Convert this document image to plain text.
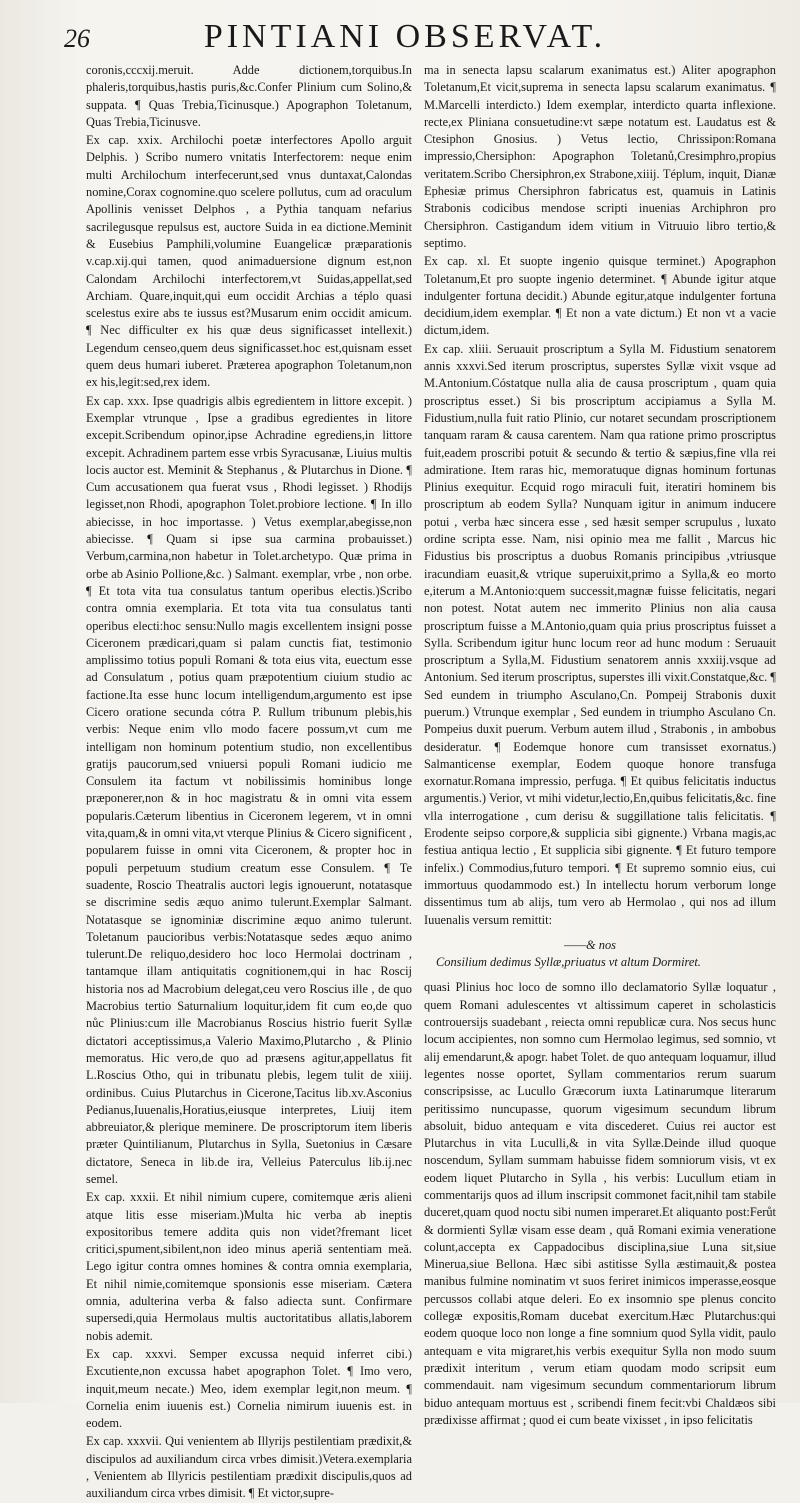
26	PINTIANI OBSERVAT.

coronis,cccxij.meruit. Adde dictionem,torquibus.In phaleris,torquibus,hastis puris,&c.Confer Plinium cum Solino,& suppata. ¶ Quas Trebia,Ticinusque.) Apographon Toletanum, Quas Trebia,Ticinusve.

Ex cap. xxix. Archilochi poetæ interfectores Apollo arguit Delphis. ) Scribo numero vnitatis Interfectorem: neque enim multi Archilochum interfecerunt,sed vnus duntaxat,Calondas nomine,Corax cognomine.quo scelere pollutus, cum ad oraculum Apollinis venisset Delphos , a Pythia tanquam nefarius sacrilegusque repulsus est, auctore Suida in ea dictione.Meminit & Eusebius Pamphili,volumine Euangelicæ præparationis v.cap.xij.qui tamen, quod animaduersione dignum est,non Calondam Archilochi interfectorem,vt Suidas,appellat,sed Archiam. Quare,inquit,qui eum occidit Archias a téplo quasi scelestus exire abs te iussus est?Musarum enim occidit amicum. ¶ Nec difficulter ex his quæ deus significasset intellexit.) Legendum censeo,quem deus significasset.hoc est,quisnam esset quem deus humari iuberet. Præterea apographon Toletanum,non ex his,legit:sed,rex idem.

Ex cap. xxx. Ipse quadrigis albis egredientem in littore excepit. ) Exemplar vtrunque , Ipse a gradibus egredientes in litore excepit.Scribendum opinor,ipse Achradine egrediens,in littore excepit. Achradinem partem esse vrbis Syracusanæ, Liuius multis locis auctor est. Meminit & Stephanus , & Plutarchus in Dione. ¶ Cum accusationem qua fuerat vsus , Rhodi legisset. ) Rhodijs legisset,non Rhodi, apographon Tolet.probiore lectione. ¶ In illo abiecisse, in hoc importasse. ) Vetus exemplar,abegisse,non abiecisse. ¶ Quam si ipse sua carmina probauisset.) Verbum,carmina,non habetur in Tolet.archetypo. Quæ prima in orbe ab Asinio Pollione,&c. ) Salmant. exemplar, vrbe , non orbe. ¶ Et tota vita tua consulatus tantum operibus electis.)Scribo contra omnia exemplaria. Et tota vita tua consulatus tanti operibus electi:hoc sensu:Nullo magis excellentem insigni posse Ciceronem prædicari,quam si palam cunctis fiat, testimonio amplissimo totius populi Romani & tota eius vita, euectum esse ad Consulatum , potius quam præpotentium ciuium studio ac factione.Ita esse hunc locum intelligendum,argumento est ipse Cicero oratione secunda cótra P. Rullum tribunum plebis,his verbis: Neque enim vllo modo facere possum,vt cum me intelligam non hominum potentium studio, non excellentibus gratijs paucorum,sed vniuersi populi Romani iudicio me Consulem ita factum vt nobilissimis hominibus longe præponerer,non & in hoc magistratu & in omni vita essem popularis.Cæterum libentius in Ciceronem legerem, vt in omni vita,quam,& in omni vita,vt vterque Plinius & Cicero significent , popularem fuisse in omni vita Ciceronem, & propter hoc in populi perpetuum studium creatum esse Consulem. ¶ Te suadente, Roscio Theatralis auctori legis ignouerunt, notatasque se discrimine sedis æquo animo tulerunt.Exemplar Salmant. Notatasque se ignominiæ discrimine æquo animo tulerunt. Toletanum paucioribus verbis:Notatasque sedes æquo animo tulerunt.De reliquo,desidero hoc loco Hermolai doctrinam , tantamque illam antiquitatis cognitionem,qui in hac Roscij historia nos ad Macrobium delegat,ceu vero Roscius ille , de quo Macrobius tertio Saturnalium loquitur,idem fit cum eo,de quo nůc Plinius:cum ille Macrobianus Roscius histrio fuerit Syllæ dictatori acceptissimus,a Valerio Maximo,Plutarcho , & Plinio memoratus. Hic vero,de quo ad præsens agitur,appellatus fit L.Roscius Otho, qui in tribunatu plebis, legem tulit de xiiij. ordinibus. Cuius Plutarchus in Cicerone,Tacitus lib.xv.Asconius Pedianus,Iuuenalis,Horatius,eiusque interpretes, Liuij item abbreuiator,& plerique meminere. De proscriptorum item liberis præter Quintilianum, Plutarchus in Sylla, Suetonius in Cæsare dictatore, Seneca in lib.de ira, Velleius Paterculus lib.ij.nec semel.

Ex cap. xxxii. Et nihil nimium cupere, comitemque æris alieni atque litis esse miseriam.)Multa hic verba ab ineptis expositoribus temere addita quis non videt?fremant licet critici,spument,sibilent,non ideo minus aperiă sententiam meă. Lego igitur contra omnes homines & contra omnia exemplaria, Et nihil nimie,comitemque sponsionis esse miseriam. Cætera omnia, adulterina verba & falso adiecta sunt. Confirmare supersedi,quia Hermolaus multis auctoritatibus allatis,laborem nobis ademit.

Ex cap. xxxvi. Semper excussa nequid inferret cibi.) Excutiente,non excussa habet apographon Tolet. ¶ Imo vero, inquit,meum necate.) Meo, idem exemplar legit,non meum. ¶ Cornelia enim iuuenis est.) Cornelia nimirum iuuenis est. in eodem.

Ex cap. xxxvii. Qui venientem ab Illyrijs pestilentiam prædixit,& discipulos ad auxiliandum circa vrbes dimisit.)Vetera.exemplaria , Venientem ab Illyricis pestilentiam prædixit discipulis,quos ad auxiliandum circa vrbes dimisit. ¶ Et victor,supre-

ma in senecta lapsu scalarum exanimatus est.) Aliter apographon Toletanum,Et vicit,suprema in senecta lapsu scalarum exanimatus. ¶ M.Marcelli interdicto.) Idem exemplar, interdicto quarta inflexione. recte,ex Pliniana consuetudine:vt sæpe notatum est. Laudatus est & Ctesiphon Gnosius. ) Vetus lectio, Chrissipon:Romana impressio,Chersiphon: Apographon Toletanů,Cresimphro,propius veritatem.Scribo Chersiphron,ex Strabone,xiiij. Téplum, inquit, Dianæ Ephesiæ primus Chersiphron fabricatus est, quamuis in Latinis Strabonis codicibus mendose scripti inuenias Archiphron pro Chersiphron. Castigandum idem vitium in Vitruuio libro tertio,& septimo.

Ex cap. xl. Et suopte ingenio quisque terminet.) Apographon Toletanum,Et pro suopte ingenio determinet. ¶ Abunde igitur atque indulgenter fortuna decidit.) Abunde egitur,atque indulgenter fortuna decidium,idem exemplar. ¶ Et non a vate dictum.) Et non vt a vacie dictum,idem.

Ex cap. xliii. Seruauit proscriptum a Sylla M. Fidustium senatorem annis xxxvi.Sed iterum proscriptus, superstes Syllæ vixit vsque ad M.Antonium.Cóstatque nulla alia de causa proscriptum , quam quia proscriptus esset.) Si bis proscriptum accipiamus a Sylla M. Fidustium,nulla fuit ratio Plinio, cur notaret secundam proscriptionem tanquam raram & causa carentem. Nam qua ratione primo proscriptus fuit,eadem proscribi potuit & secundo & tertio & sæpius,fine vlla rei admiratione. Item raras hic, memoratuque dignas hominum fortunas Plinius exequitur. Ecquid rogo miraculi fuit, iteratiri hominem bis proscriptum ab eodem Sylla? Nunquam igitur in animum inducere potui , verba hæc sincera esse , sed hæsit semper scrupulus , luxato ordine scripta esse. Nam, nisi opinio mea me fallit , Marcus hic Fidustius bis proscriptus a duobus Romanis principibus ,vtriusque iracundiam euasit,& vtrique superuixit,primo a Sylla,& eo morto e,iterum a M.Antonio:quem successit,magnæ fuisse felicitatis, negari non potest. Notat autem nec immerito Plinius non alia causa proscriptum fuisse a M.Antonio,quam quia prius proscriptus fuisset a Sylla. Scribendum igitur hunc locum reor ad hunc modum : Seruauit proscriptum a Sylla,M. Fidustium senatorem annis xxxiij.vsque ad Antonium. Sed iterum proscriptus, superstes illi vixit.Constatque,&c. ¶ Sed eundem in triumpho Asculano,Cn. Pompeij Strabonis duxit puerum.) Vtrunque exemplar , Sed eundem in triumpho Asculano Cn. Pompeius duxit puerum. Verbum autem illud , Strabonis , in ambobus desideratur. ¶ Eodemque honore cum transisset exornatus.) Salmanticense exemplar, Eodem quoque honore transfuga exornatur.Romana impressio, perfuga. ¶ Et quibus felicitatis inductus argumentis.) Verior, vt mihi videtur,lectio,En,quibus felicitatis,&c. fine vlla interrogatione , cum derisu & suggillatione talis felicitatis. ¶ Erodente seipso corpore,& supplicia sibi gignente.) Vrbana magis,ac festiua antiqua lectio , Et supplicia sibi gignente. ¶ Et futuro tempore infelix.) Commodius,futuro tempori. ¶ Et supremo somnio eius, cui immortuus quodammodo est.) In intellectu horum verborum longe dissentimus tum ab alijs, tum vero ab Hermolao , qui nos ad illum Iuuenalis versum remittit:

——& nos
Consilium dedimus Syllæ,priuatus vt altum Dormiret.

quasi Plinius hoc loco de somno illo declamatorio Syllæ loquatur , quem Romani adulescentes vt altissimum caperet in scholasticis controuersijs suadebant , reiecta omni republicæ cura. Nos secus hunc locum accipientes, non somno cum Hermolao legimus, sed somnio, vt alij emendarunt,& apogr. habet Tolet. de quo antequam loquamur, illud legentes nosse oportet, Syllam commentarios rerum suarum conscripsisse, ac Lucullo Græcorum iuxta Latinarumque literarum peritissimo nuncupasse, quorum vigesimum secundum librum absoluit, biduo antequam e vita discederet. Cuius rei auctor est Plutarchus in vita Luculli,& in vita Syllæ.Deinde illud quoque noscendum, Syllam summam habuisse fidem somniorum visis, vt ex eodem liquet Plutarcho in Sylla , his verbis: Lucullum etiam in commentarijs quos ad illum inscripsit commonet facit,nihil tam stabile duceret,quam quod noctu sibi numen imperaret.Et aliquanto post:Ferůt & dormienti Syllæ visam esse deam , quă Romani eximia veneratione colunt,accepta ex Cappadocibus disciplina,siue Luna sit,siue Minerua,siue Bellona. Hæc sibi astitisse Sylla æstimauit,& postea manibus fulmine nominatim vt suos feriret inimicos imperasse,eosque percussos collabi atque deleri. Eo ex insomnio spe plenus concito collegæ expositis,Romam ducebat exercitum.Hæc Plutarchus:qui eodem quoque loco non longe a fine somnium quod Sylla vidit, paulo antequam e vita migraret,his verbis exequitur Sylla non modo suum prædixit interitum , verum etiam quodam modo scripsit eum commendauit. nam vigesimum secundum commentariorum librum biduo antequam mortuus est , scribendi finem fecit:vbi Chaldæos sibi prædixisse affirmat ; quod ei cum beate vixisset , in ipso felicitatis
